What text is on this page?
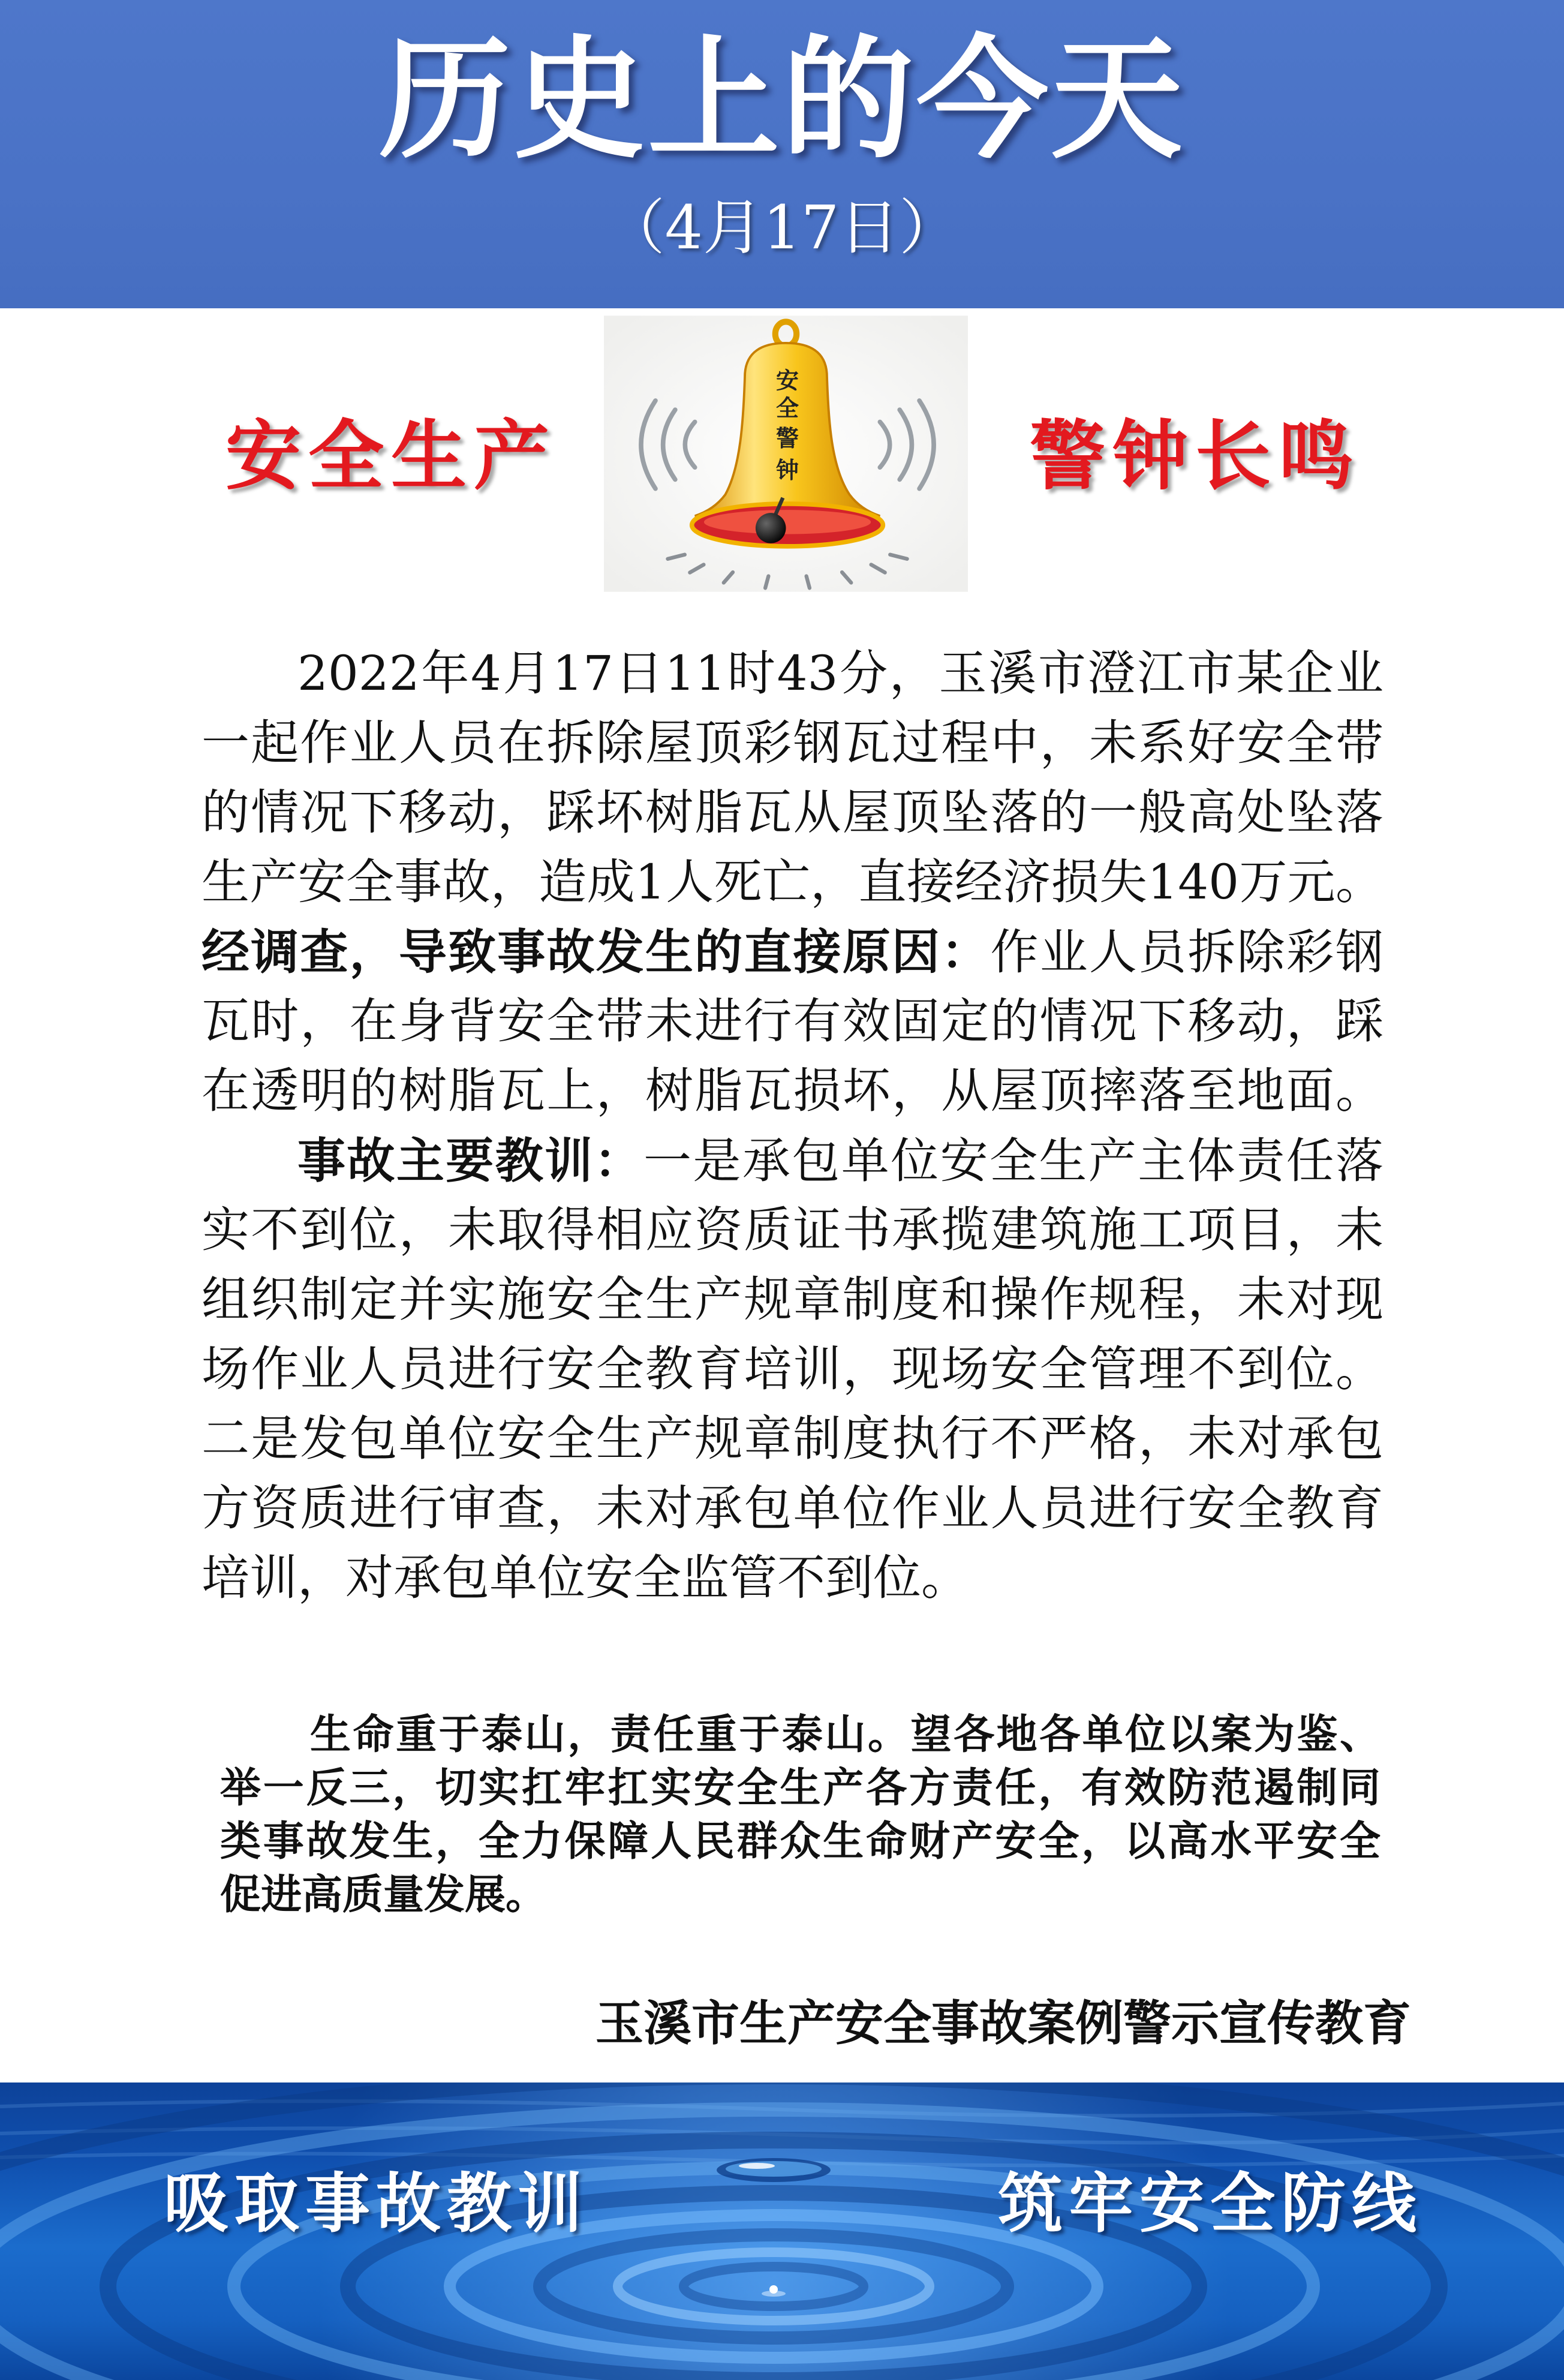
历史上的今天
（4月17日）
安全生产
安
全
警
钟	警钟长鸣
2022年4月17日11时43分，玉溪市澄江市某企业
一起作业人员在拆除屋顶彩钢瓦过程中，未系好安全带
的情况下移动，踩坏树脂瓦从屋顶坠落的一般高处坠落
生产安全事故，造成1人死亡，直接经济损失140万元。
经调查，导致事故发生的直接原因：作业人员拆除彩钢
瓦时，在身背安全带未进行有效固定的情况下移动，踩
在透明的树脂瓦上，树脂瓦损坏，从屋顶摔落至地面。
事故主要教训：一是承包单位安全生产主体责任落
实不到位，未取得相应资质证书承揽建筑施工项目，未
组织制定并实施安全生产规章制度和操作规程，未对现
场作业人员进行安全教育培训，现场安全管理不到位。
二是发包单位安全生产规章制度执行不严格，未对承包
方资质进行审查，未对承包单位作业人员进行安全教育
培训，对承包单位安全监管不到位。
生命重于泰山，责任重于泰山。望各地各单位以案为鉴、
举一反三，切实扛牢扛实安全生产各方责任，有效防范遏制同
类事故发生，全力保障人民群众生命财产安全，以高水平安全
促进高质量发展。
玉溪市生产安全事故案例警示宣传教育
吸取事故教训	筑牢安全防线
